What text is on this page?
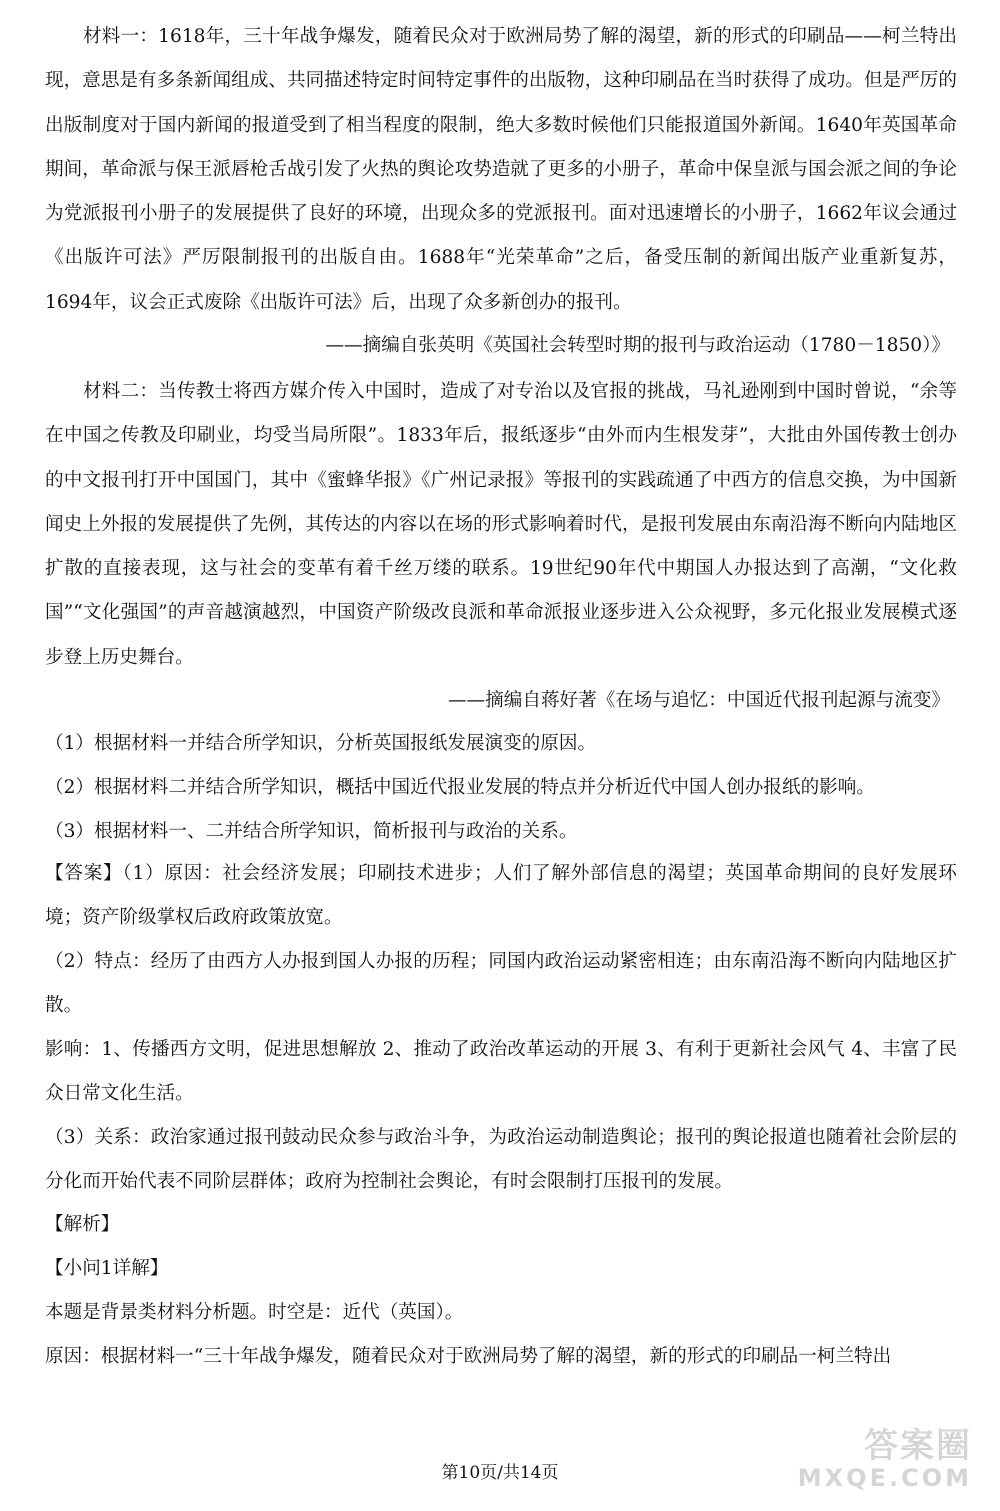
材料一：1618年，三十年战争爆发，随着民众对于欧洲局势了解的渴望，新的形式的印刷品——柯兰特出现，意思是有多条新闻组成、共同描述特定时间特定事件的出版物，这种印刷品在当时获得了成功。但是严厉的出版制度对于国内新闻的报道受到了相当程度的限制，绝大多数时候他们只能报道国外新闻。1640年英国革命期间，革命派与保王派唇枪舌战引发了火热的舆论攻势造就了更多的小册子，革命中保皇派与国会派之间的争论为党派报刊小册子的发展提供了良好的环境，出现众多的党派报刊。面对迅速增长的小册子，1662年议会通过《出版许可法》严厉限制报刊的出版自由。1688年“光荣革命”之后，备受压制的新闻出版产业重新复苏，1694年，议会正式废除《出版许可法》后，出现了众多新创办的报刊。

——摘编自张英明《英国社会转型时期的报刊与政治运动（1780－1850）》

材料二：当传教士将西方媒介传入中国时，造成了对专治以及官报的挑战，马礼逊刚到中国时曾说，“余等在中国之传教及印刷业，均受当局所限”。1833年后，报纸逐步“由外而内生根发芽”，大批由外国传教士创办的中文报刊打开中国国门，其中《蜜蜂华报》《广州记录报》等报刊的实践疏通了中西方的信息交换，为中国新闻史上外报的发展提供了先例，其传达的内容以在场的形式影响着时代，是报刊发展由东南沿海不断向内陆地区扩散的直接表现，这与社会的变革有着千丝万缕的联系。19世纪90年代中期国人办报达到了高潮，“文化救国”“文化强国”的声音越演越烈，中国资产阶级改良派和革命派报业逐步进入公众视野，多元化报业发展模式逐步登上历史舞台。

——摘编自蒋好著《在场与追忆：中国近代报刊起源与流变》

（1）根据材料一并结合所学知识，分析英国报纸发展演变的原因。

（2）根据材料二并结合所学知识，概括中国近代报业发展的特点并分析近代中国人创办报纸的影响。

（3）根据材料一、二并结合所学知识，简析报刊与政治的关系。

【答案】（1）原因：社会经济发展；印刷技术进步；人们了解外部信息的渴望；英国革命期间的良好发展环境；资产阶级掌权后政府政策放宽。

（2）特点：经历了由西方人办报到国人办报的历程；同国内政治运动紧密相连；由东南沿海不断向内陆地区扩散。

影响：1、传播西方文明，促进思想解放 2、推动了政治改革运动的开展 3、有利于更新社会风气 4、丰富了民众日常文化生活。

（3）关系：政治家通过报刊鼓动民众参与政治斗争，为政治运动制造舆论；报刊的舆论报道也随着社会阶层的分化而开始代表不同阶层群体；政府为控制社会舆论，有时会限制打压报刊的发展。

【解析】

【小问1详解】

本题是背景类材料分析题。时空是：近代（英国）。

原因：根据材料一“三十年战争爆发，随着民众对于欧洲局势了解的渴望，新的形式的印刷品一柯兰特出

第10页/共14页
答案圈
MXQE.COM
